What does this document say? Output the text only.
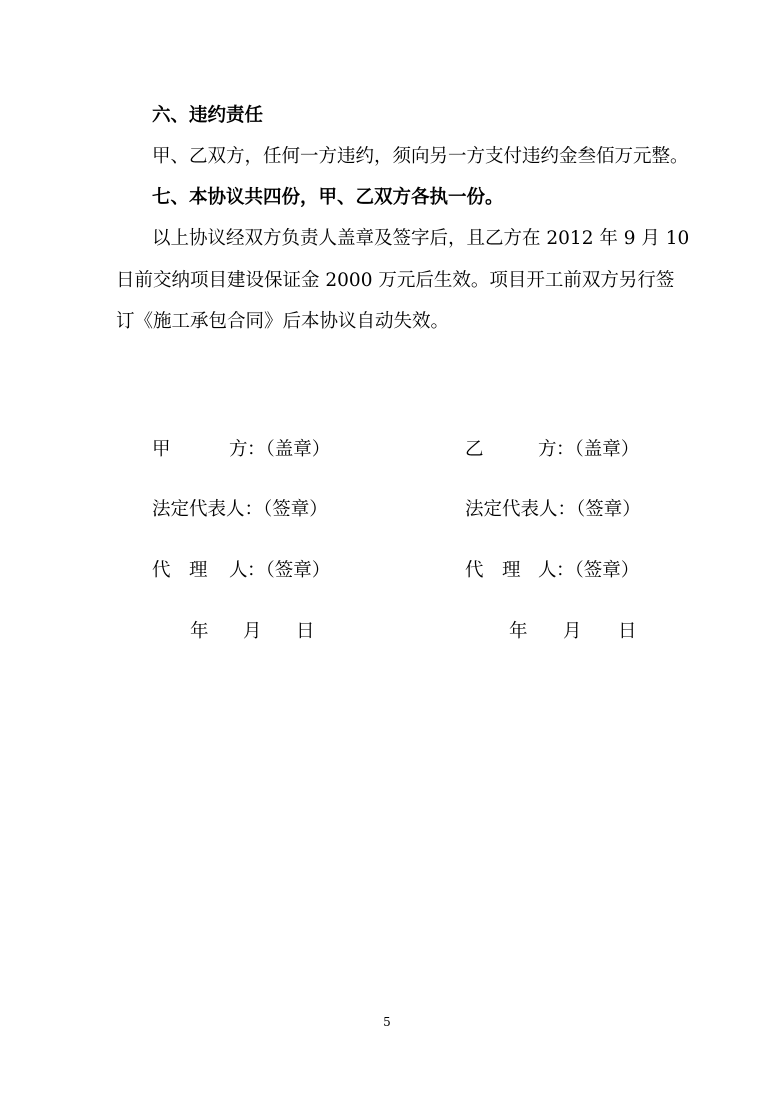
六、违约责任
甲、乙双方，任何一方违约，须向另一方支付违约金叁佰万元整。
七、本协议共四份，甲、乙双方各执一份。
以上协议经双方负责人盖章及签字后，且乙方在 2012 年 9 月 10
日前交纳项目建设保证金 2000 万元后生效。项目开工前双方另行签
订《施工承包合同》后本协议自动失效。
甲	方 ：（盖章）
法定代表人：（签章）
代 理 人 ：（签章）
年 月 日
乙	方 ：（盖章）
法定代表人：（签章）
代 理 人 ：（签章）
年 月 日
5
